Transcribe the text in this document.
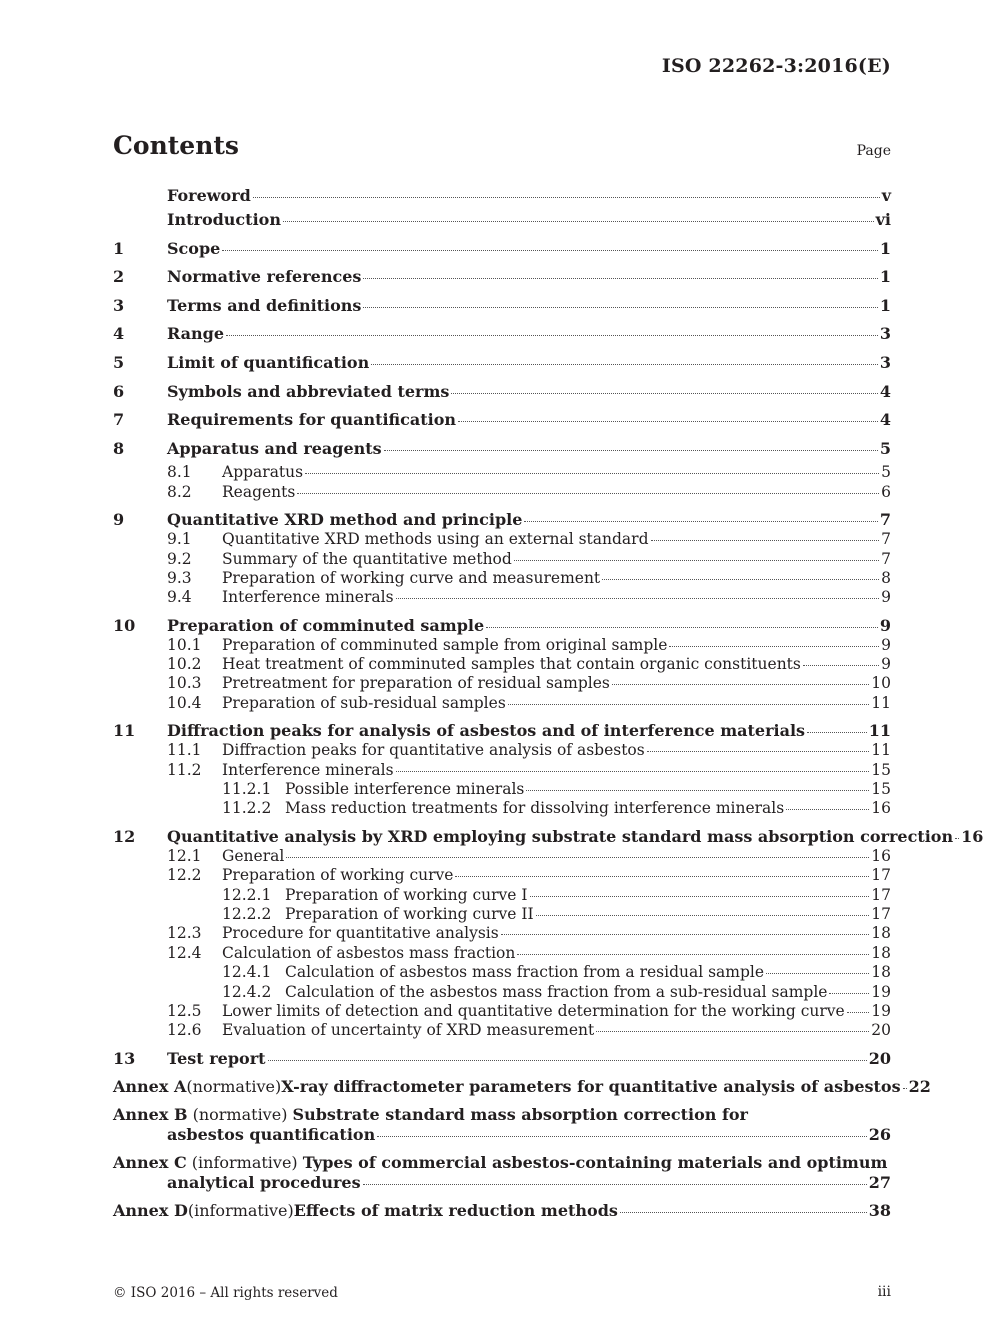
ISO 22262-3:2016(E)
Contents	Page
Foreword	v
Introduction	vi
1	Scope	1
2	Normative references	1
3	Terms and definitions	1
4	Range	3
5	Limit of quantification	3
6	Symbols and abbreviated terms	4
7	Requirements for quantification	4
8	Apparatus and reagents	5
8.1	Apparatus	5
8.2	Reagents	6
9	Quantitative XRD method and principle	7
9.1	Quantitative XRD methods using an external standard	7
9.2	Summary of the quantitative method	7
9.3	Preparation of working curve and measurement	8
9.4	Interference minerals	9
10	Preparation of comminuted sample	9
10.1	Preparation of comminuted sample from original sample	9
10.2	Heat treatment of comminuted samples that contain organic constituents	9
10.3	Pretreatment for preparation of residual samples	10
10.4	Preparation of sub-residual samples	11
11	Diffraction peaks for analysis of asbestos and of interference materials	11
11.1	Diffraction peaks for quantitative analysis of asbestos	11
11.2	Interference minerals	15
11.2.1 Possible interference minerals	15
11.2.2 Mass reduction treatments for dissolving interference minerals	16
12	Quantitative analysis by XRD employing substrate standard mass absorption correction 16
12.1	General	16
12.2	Preparation of working curve	17
12.2.1 Preparation of working curve I	17
12.2.2 Preparation of working curve II	17
12.3	Procedure for quantitative analysis	18
12.4	Calculation of asbestos mass fraction	18
12.4.1 Calculation of asbestos mass fraction from a residual sample	18
12.4.2 Calculation of the asbestos mass fraction from a sub-residual sample	19
12.5	Lower limits of detection and quantitative determination for the working curve 19
12.6	Evaluation of uncertainty of XRD measurement	20
13	Test report	20
Annex A (normative) X-ray diffractometer parameters for quantitative analysis of asbestos 22
Annex B (normative) Substrate standard mass absorption correction for
asbestos quantification	26
Annex C (informative) Types of commercial asbestos-containing materials and optimum
analytical procedures	27
Annex D (informative) Effects of matrix reduction methods	38
© ISO 2016 – All rights reserved	iii
